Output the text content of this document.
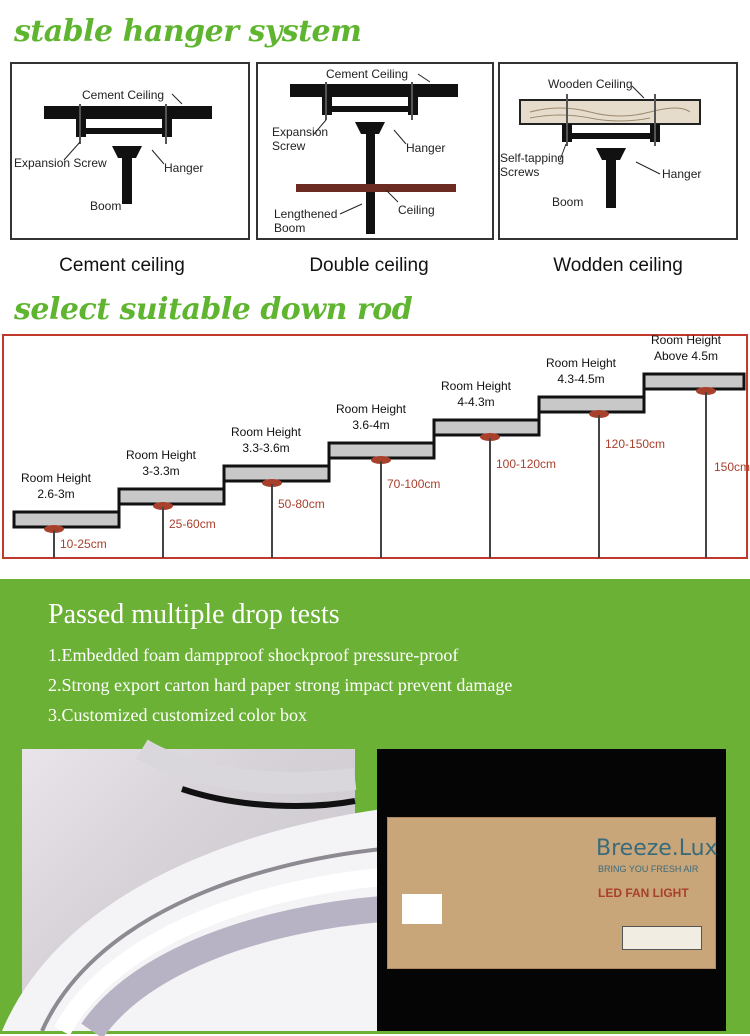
stable hanger system
Cement Ceiling
Expansion Screw	Hanger
Boom
Cement ceiling
Cement Ceiling
Expansion
Screw	Hanger
Ceiling
Lengthened
Boom
Double ceiling
Wooden Ceiling
Self-tapping
Screws	Hanger
Boom
Wodden ceiling
select suitable down rod
Room Height
2.6-3m
10-25cm
Room Height
3-3.3m
25-60cm
Room Height
3.3-3.6m
50-80cm
Room Height
3.6-4m
70-100cm
Room Height
4-4.3m
100-120cm
Room Height
4.3-4.5m
120-150cm
Room Height
Above 4.5m
150cm
Passed multiple drop tests
1.Embedded foam dampproof shockproof pressure-proof
2.Strong export carton hard paper strong impact prevent damage
3.Customized customized color box
Breeze.Lux
BRING YOU FRESH AIR
LED FAN LIGHT
